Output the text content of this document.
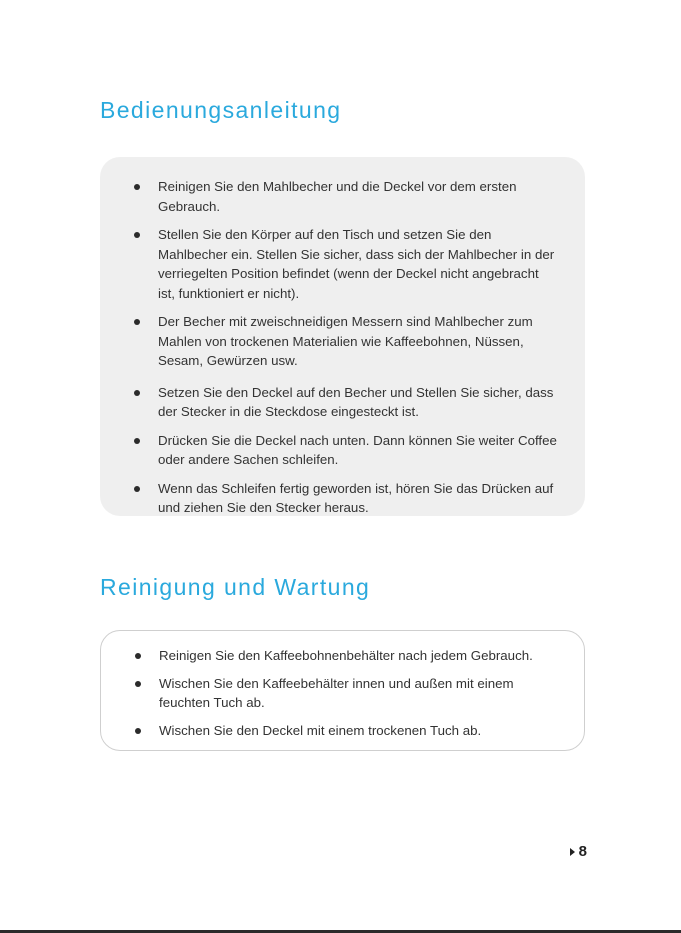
Bedienungsanleitung
Reinigen Sie den Mahlbecher und die Deckel vor dem ersten Gebrauch.
Stellen Sie den Körper auf den Tisch und setzen Sie den Mahlbecher ein. Stellen Sie sicher, dass sich der Mahlbecher in der verriegelten Position befindet (wenn der Deckel nicht angebracht ist, funktioniert er nicht).
Der Becher mit zweischneidigen Messern sind Mahlbecher zum Mahlen von trockenen Materialien wie Kaffeebohnen, Nüssen, Sesam, Gewürzen usw.
Setzen Sie den Deckel auf den Becher und Stellen Sie sicher, dass der Stecker in die Steckdose eingesteckt ist.
Drücken Sie die Deckel nach unten. Dann können Sie weiter Coffee oder andere Sachen schleifen.
Wenn das Schleifen fertig geworden ist, hören Sie das Drücken auf und ziehen Sie den Stecker heraus.
Reinigung und Wartung
Reinigen Sie den Kaffeebohnenbehälter nach jedem Gebrauch.
Wischen Sie den Kaffeebehälter innen und außen mit einem feuchten Tuch ab.
Wischen Sie den Deckel mit einem trockenen Tuch ab.
8
